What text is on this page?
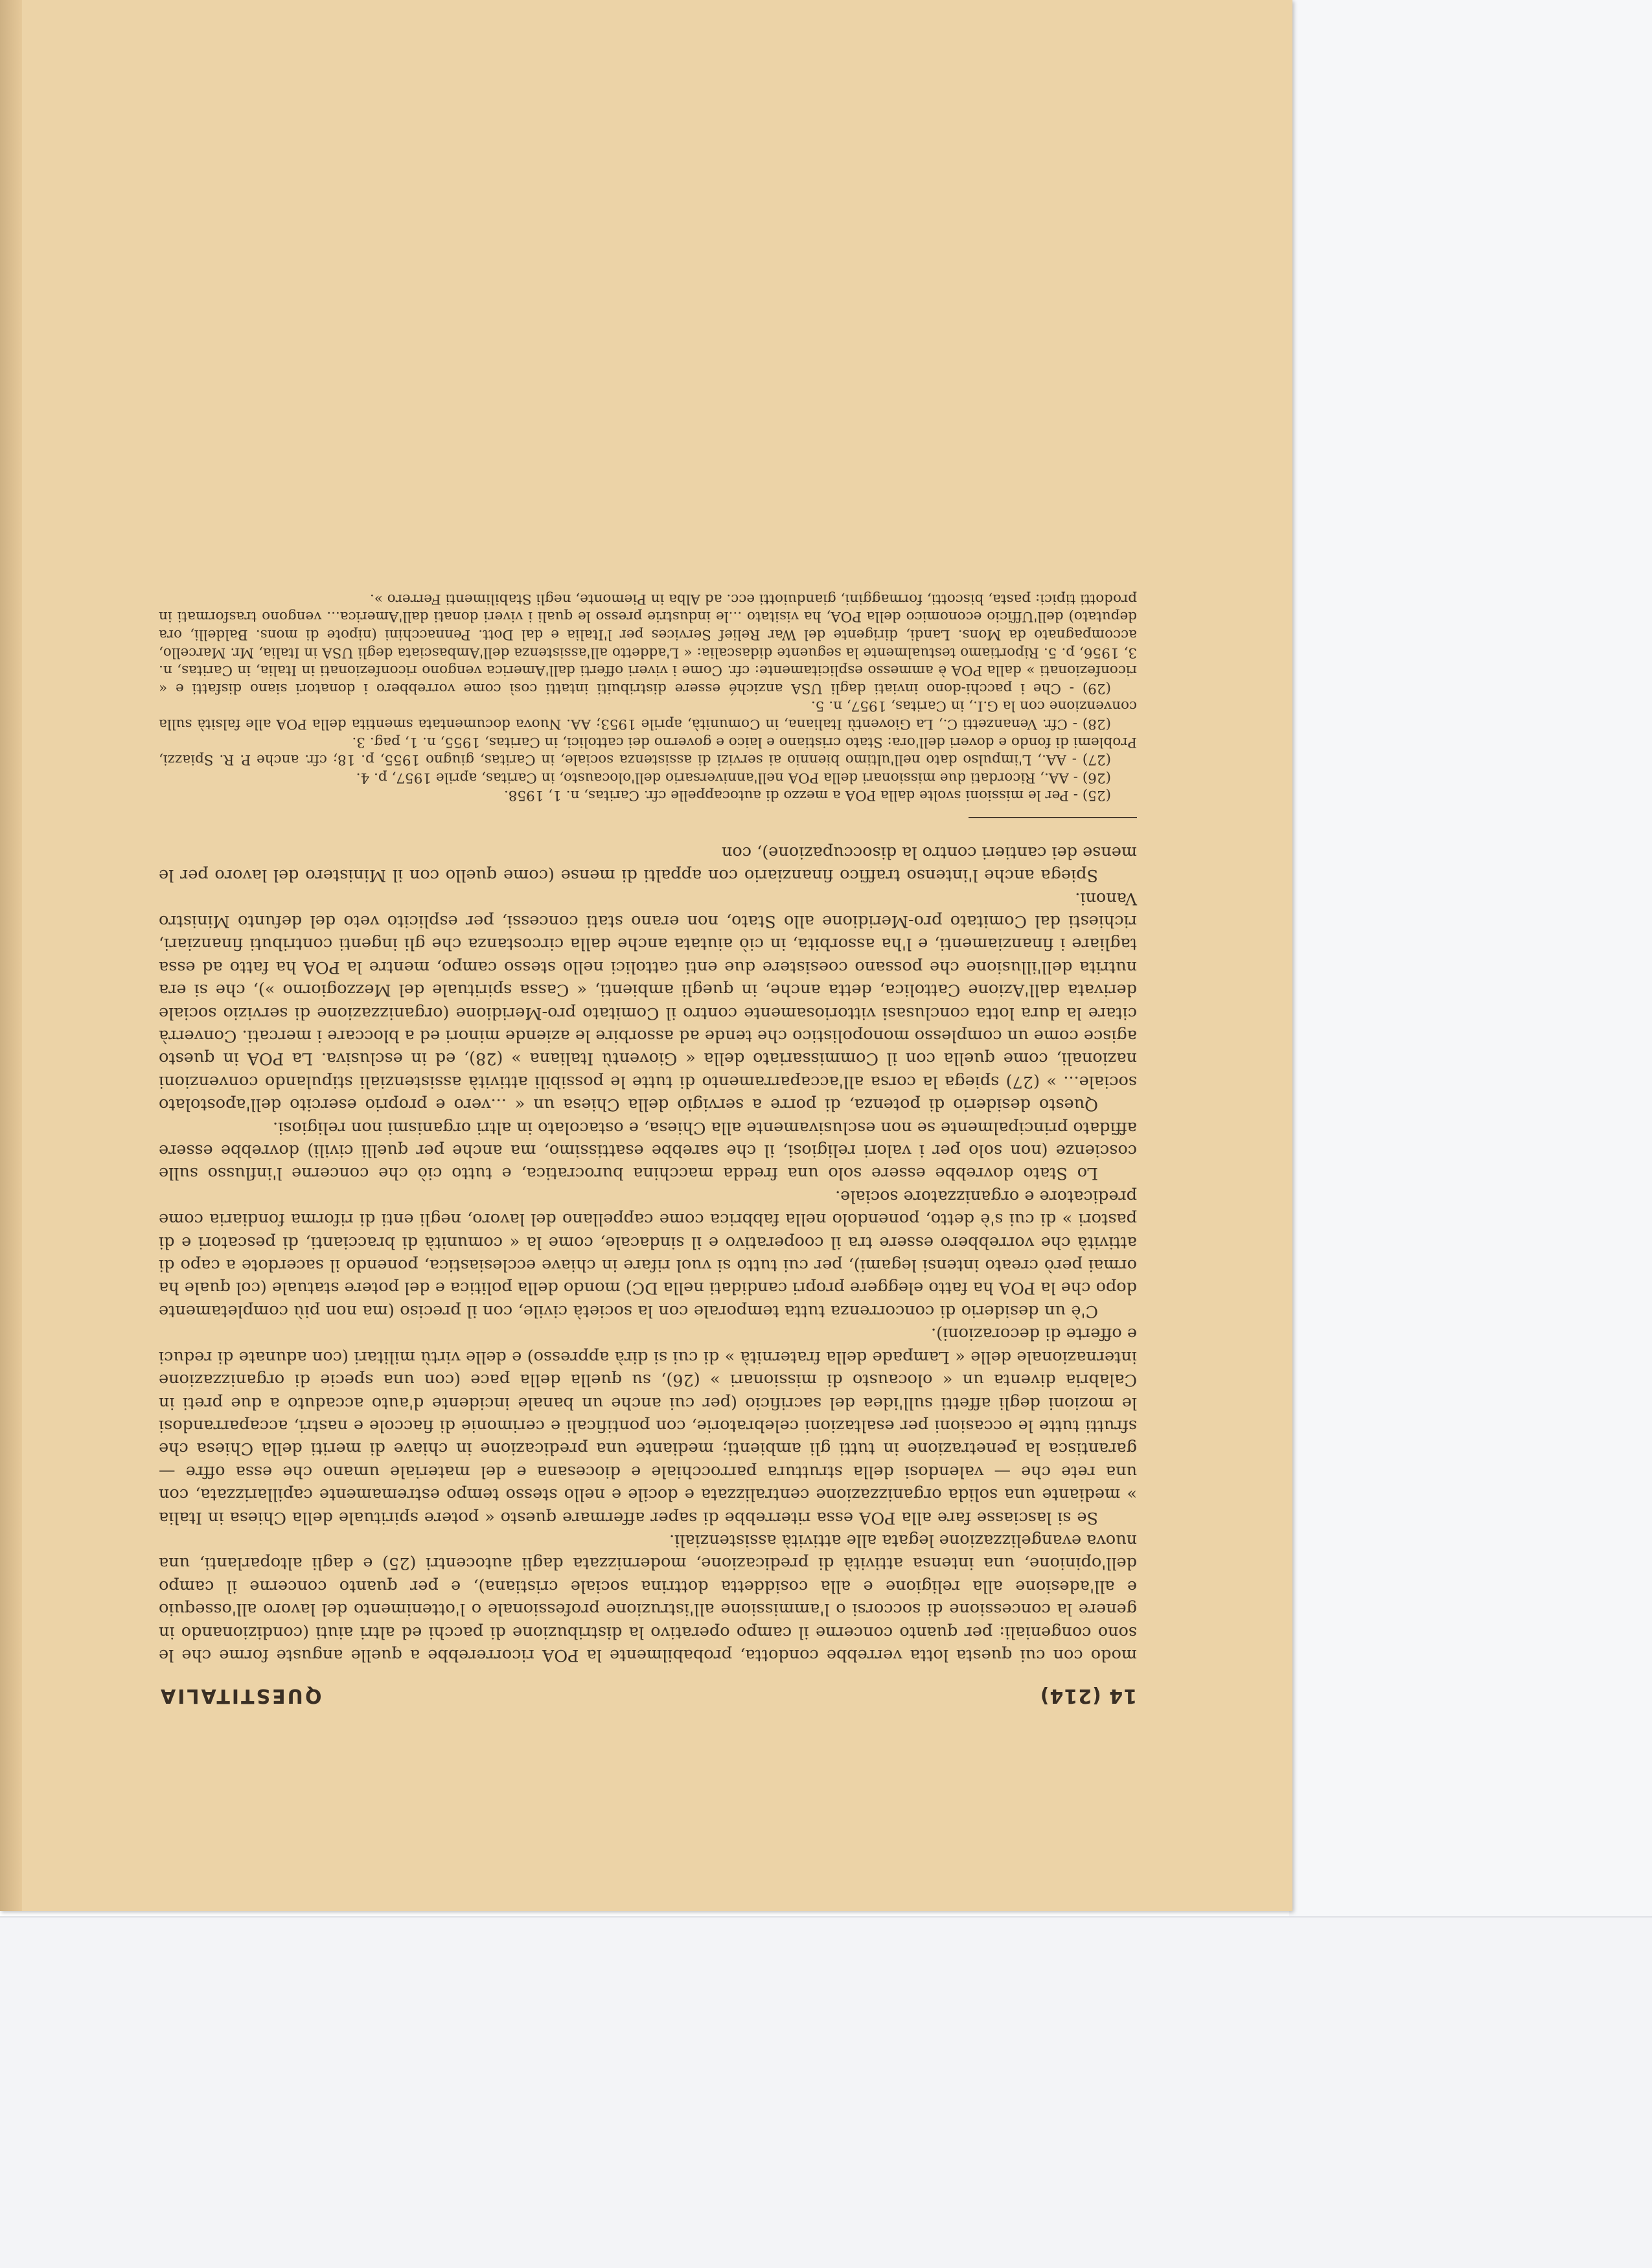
14 (214)
QUESTITALIA

modo con cui questa lotta verrebbe condotta, probabilmente la POA ricorrerebbe a quelle anguste forme che le sono congeniali: per quanto concerne il campo operativo la distribuzione di pacchi ed altri aiuti (condizionando in genere la concessione di soccorsi o l'ammissione all'istruzione professionale o l'ottenimento del lavoro all'ossequio e all'adesione alla religione e alla cosiddetta dottrina sociale cristiana), e per quanto concerne il campo dell'opinione, una intensa attività di predicazione, modernizzata dagli autocentri (25) e dagli altoparlanti, una nuova evangelizzazione legata alle attività assistenziali.

Se si lasciasse fare alla POA essa riterrebbe di saper affermare questo « potere spirituale della Chiesa in Italia » mediante una solida organizzazione centralizzata e docile e nello stesso tempo estremamente capillarizzata, con una rete che — valendosi della struttura parrocchiale e diocesana e del materiale umano che essa offre — garantisca la penetrazione in tutti gli ambienti; mediante una predicazione in chiave di meriti della Chiesa che sfrutti tutte le occasioni per esaltazioni celebratorie, con pontificali e cerimonie di fiaccole e nastri, accaparrandosi le mozioni degli affetti sull'idea del sacrificio (per cui anche un banale incidente d'auto accaduto a due preti in Calabria diventa un « olocausto di missionari » (26), su quella della pace (con una specie di organizzazione internazionale delle « Lampade della fraternità » di cui si dirà appresso) e delle virtù militari (con adunate di reduci e offerte di decorazioni).

C'è un desiderio di concorrenza tutta temporale con la società civile, con il preciso (ma non più completamente dopo che la POA ha fatto eleggere propri candidati nella DC) mondo della politica e del potere statuale (col quale ha ormai però creato intensi legami), per cui tutto si vuol rifare in chiave ecclesiastica, ponendo il sacerdote a capo di attività che vorrebbero essere tra il cooperativo e il sindacale, come la « comunità di braccianti, di pescatori e di pastori » di cui s'è detto, ponendolo nella fabbrica come cappellano del lavoro, negli enti di riforma fondiaria come predicatore e organizzatore sociale.

Lo Stato dovrebbe essere solo una fredda macchina burocratica, e tutto ciò che concerne l'influsso sulle coscienze (non solo per i valori religiosi, il che sarebbe esattissimo, ma anche per quelli civili) dovrebbe essere affidato principalmente se non esclusivamente alla Chiesa, e ostacolato in altri organismi non religiosi.

Questo desiderio di potenza, di porre a servigio della Chiesa un « ...vero e proprio esercito dell'apostolato sociale... » (27) spiega la corsa all'accaparramento di tutte le possibili attività assistenziali stipulando convenzioni nazionali, come quella con il Commissariato della « Gioventù Italiana » (28), ed in esclusiva. La POA in questo agisce come un complesso monopolistico che tende ad assorbire le aziende minori ed a bloccare i mercati. Converrà citare la dura lotta conclusasi vittoriosamente contro il Comitato pro-Meridione (organizzazione di servizio sociale derivata dall'Azione Cattolica, detta anche, in quegli ambienti, « Cassa spirituale del Mezzogiorno »), che si era nutrita dell'illusione che possano coesistere due enti cattolici nello stesso campo, mentre la POA ha fatto ad essa tagliare i finanziamenti, e l'ha assorbita, in ciò aiutata anche dalla circostanza che gli ingenti contributi finanziari, richiesti dal Comitato pro-Meridione allo Stato, non erano stati concessi, per esplicito veto del defunto Ministro Vanoni.

Spiega anche l'intenso traffico finanziario con appalti di mense (come quello con il Ministero del lavoro per le mense dei cantieri contro la disoccupazione), con

(25) - Per le missioni svolte dalla POA a mezzo di autocappelle cfr. Caritas, n. 1, 1958.

(26) - AA., Ricordati due missionari della POA nell'anniversario dell'olocausto, in Caritas, aprile 1957, p. 4.

(27) - AA., L'impulso dato nell'ultimo biennio ai servizi di assistenza sociale, in Caritas, giugno 1955, p. 18; cfr. anche P. R. Spiazzi, Problemi di fondo e doveri dell'ora: Stato cristiano e laico e governo dei cattolici, in Caritas, 1955, n. 1, pag. 3.

(28) - Cfr. Venanzetti C., La Gioventù Italiana, in Comunità, aprile 1953; AA. Nuova documentata smentita della POA alle falsità sulla convenzione con la G.I., in Caritas, 1957, n. 5.

(29) - Che i pacchi-dono inviati dagli USA anziché essere distribuiti intatti così come vorrebbero i donatori siano disfatti e « riconfezionati » dalla POA è ammesso esplicitamente: cfr. Come i viveri offerti dall'America vengono riconfezionati in Italia, in Caritas, n. 3, 1956, p. 5. Riportiamo testualmente la seguente didascalia: « L'addetto all'assistenza dell'Ambasciata degli USA in Italia, Mr. Marcello, accompagnato da Mons. Landi, dirigente del War Relief Services per l'Italia e dal Dott. Pennacchini (nipote di mons. Baldelli, ora deputato) dell'Ufficio economico della POA, ha visitato ...le industrie presso le quali i viveri donati dall'America... vengono trasformati in prodotti tipici: pasta, biscotti, formaggini, gianduiotti ecc. ad Alba in Piemonte, negli Stabilimenti Ferrero ».
